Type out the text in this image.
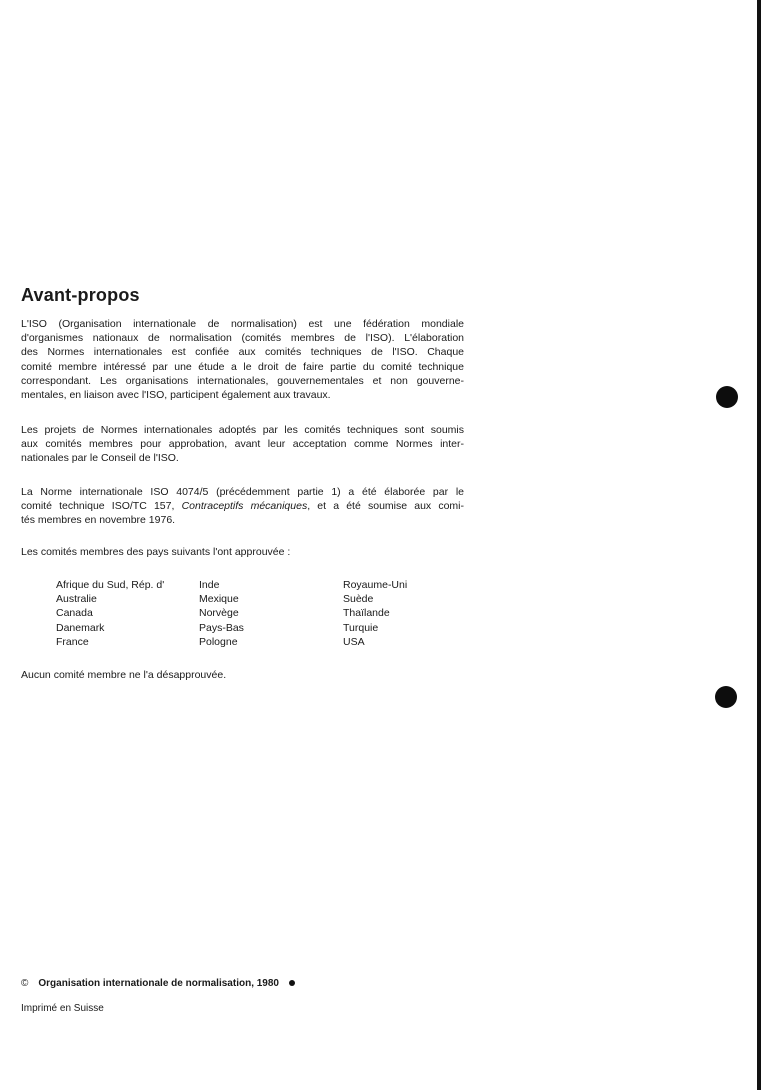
Avant-propos

L'ISO (Organisation internationale de normalisation) est une fédération mondiale
d'organismes nationaux de normalisation (comités membres de l'ISO). L'élaboration
des Normes internationales est confiée aux comités techniques de l'ISO. Chaque
comité membre intéressé par une étude a le droit de faire partie du comité technique
correspondant. Les organisations internationales, gouvernementales et non gouverne-
mentales, en liaison avec l'ISO, participent également aux travaux.

Les projets de Normes internationales adoptés par les comités techniques sont soumis
aux comités membres pour approbation, avant leur acceptation comme Normes inter-
nationales par le Conseil de l'ISO.

La Norme internationale ISO 4074/5 (précédemment partie 1) a été élaborée par le
comité technique ISO/TC 157, Contraceptifs mécaniques, et a été soumise aux comi-
tés membres en novembre 1976.

Les comités membres des pays suivants l'ont approuvée :

Afrique du Sud, Rép. d'
Australie
Canada
Danemark
France
Inde
Mexique
Norvège
Pays-Bas
Pologne
Royaume-Uni
Suède
Thaïlande
Turquie
USA

Aucun comité membre ne l'a désapprouvée.

© Organisation internationale de normalisation, 1980
Imprimé en Suisse
